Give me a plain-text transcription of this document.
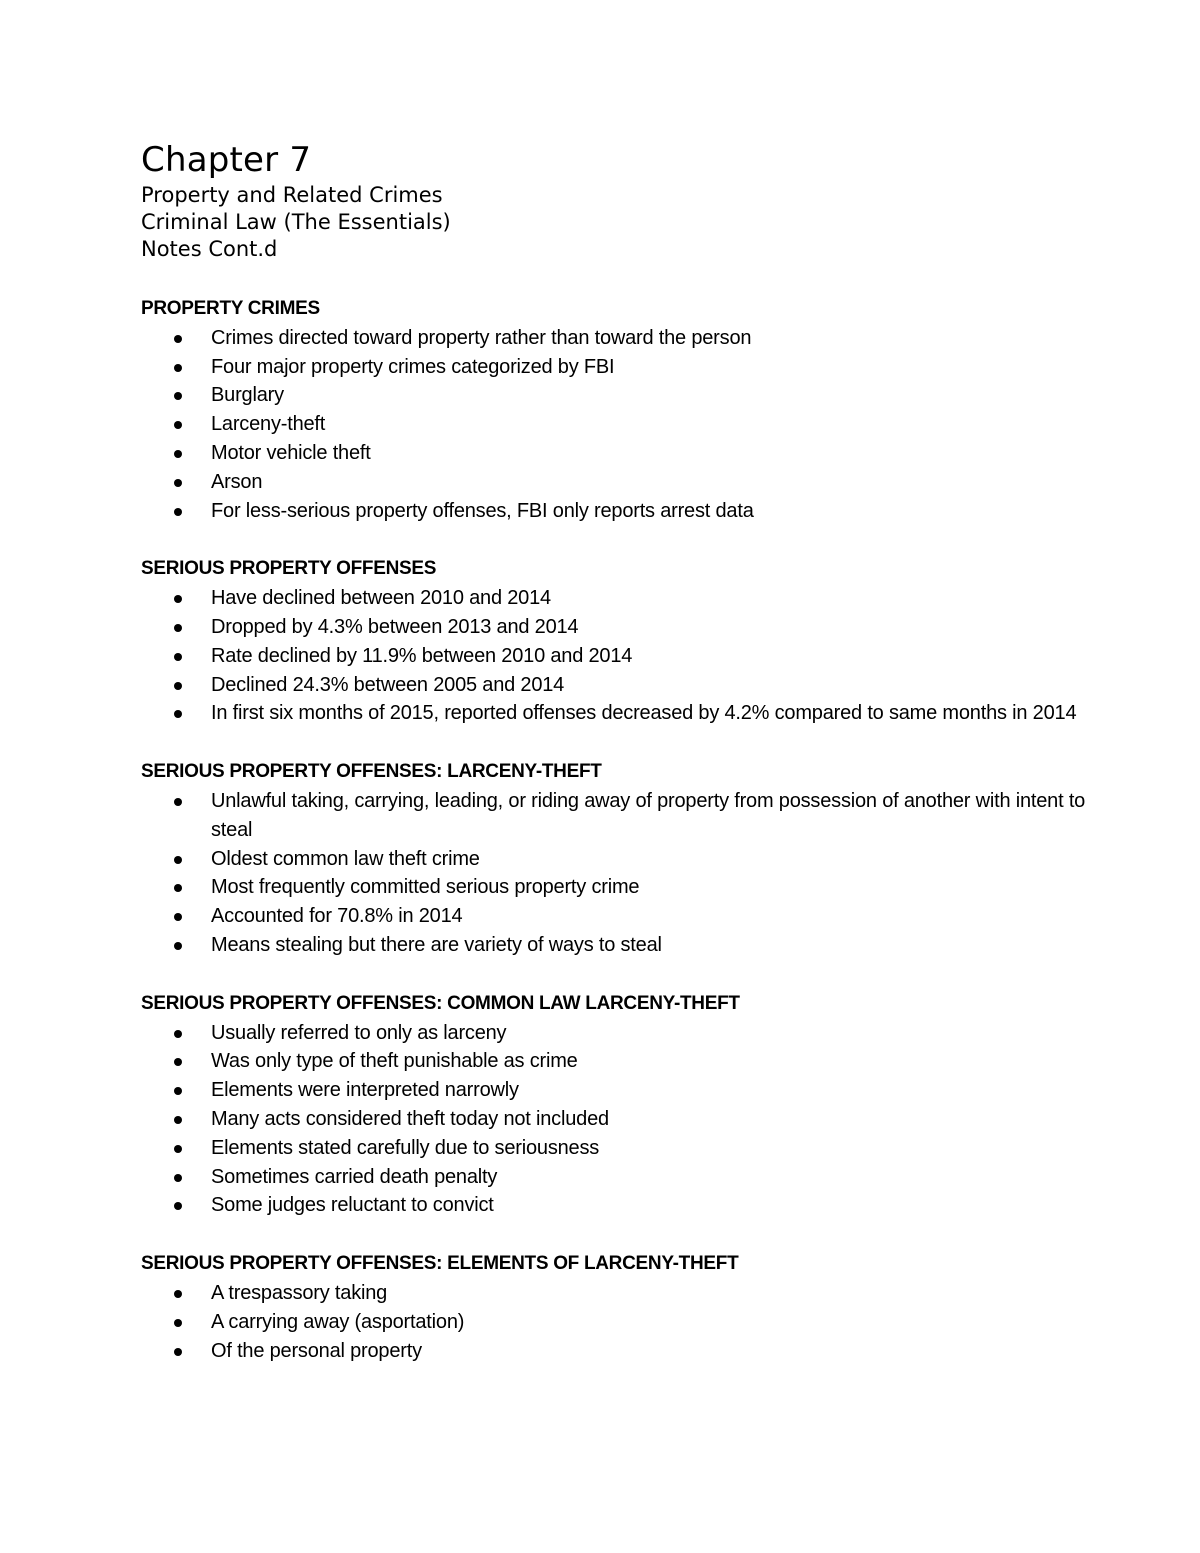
Chapter 7

Property and Related Crimes

Criminal Law (The Essentials)

Notes Cont.d

PROPERTY CRIMES

Crimes directed toward property rather than toward the person
Four major property crimes categorized by FBI
Burglary
Larceny-theft
Motor vehicle theft
Arson
For less-serious property offenses, FBI only reports arrest data

SERIOUS PROPERTY OFFENSES

Have declined between 2010 and 2014
Dropped by 4.3% between 2013 and 2014
Rate declined by 11.9% between 2010 and 2014
Declined 24.3% between 2005 and 2014
In first six months of 2015, reported offenses decreased by 4.2% compared to same months in 2014

SERIOUS PROPERTY OFFENSES: LARCENY-THEFT

Unlawful taking, carrying, leading, or riding away of property from possession of another with intent to steal
Oldest common law theft crime
Most frequently committed serious property crime
Accounted for 70.8% in 2014
Means stealing but there are variety of ways to steal

SERIOUS PROPERTY OFFENSES: COMMON LAW LARCENY-THEFT

Usually referred to only as larceny
Was only type of theft punishable as crime
Elements were interpreted narrowly
Many acts considered theft today not included
Elements stated carefully due to seriousness
Sometimes carried death penalty
Some judges reluctant to convict

SERIOUS PROPERTY OFFENSES: ELEMENTS OF LARCENY-THEFT

A trespassory taking
A carrying away (asportation)
Of the personal property
